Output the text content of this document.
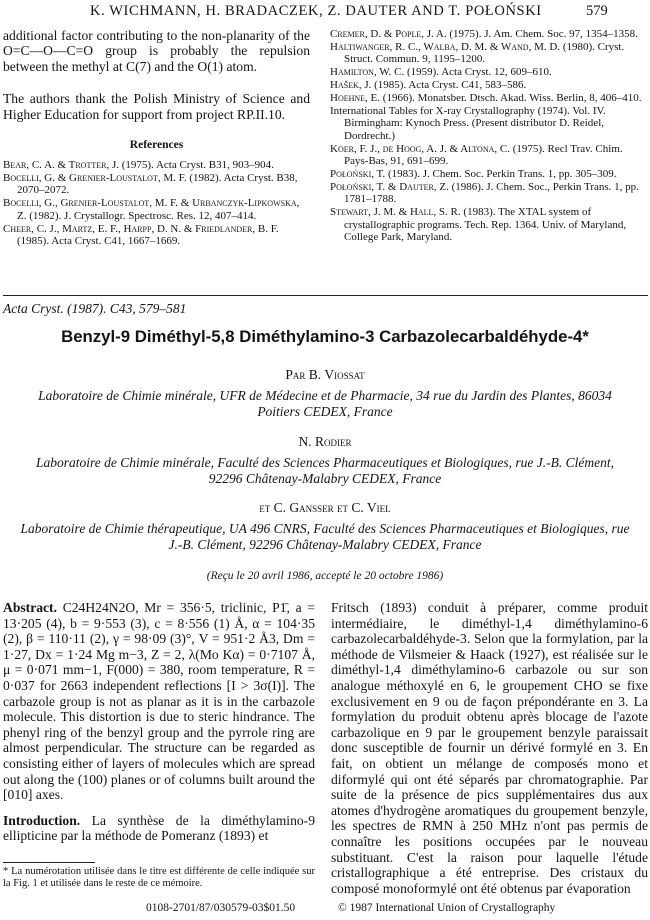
K. WICHMANN, H. BRADACZEK, Z. DAUTER AND T. POŁOŃSKI	579

additional factor contributing to the non-planarity of the O=C—O—C=O group is probably the repulsion between the methyl at C(7) and the O(1) atom.

The authors thank the Polish Ministry of Science and Higher Education for support from project RP.II.10.

References

Bear, C. A. & Trotter, J. (1975). Acta Cryst. B31, 903–904.

Bocelli, G. & Grenier-Loustalot, M. F. (1982). Acta Cryst. B38, 2070–2072.

Bocelli, G., Grenier-Loustalot, M. F. & Urbanczyk-Lipkowska, Z. (1982). J. Crystallogr. Spectrosc. Res. 12, 407–414.

Cheer, C. J., Martz, E. F., Harpp, D. N. & Friedlander, B. F. (1985). Acta Cryst. C41, 1667–1669.

Cremer, D. & Pople, J. A. (1975). J. Am. Chem. Soc. 97, 1354–1358.

Haltiwanger, R. C., Walba, D. M. & Wand, M. D. (1980). Cryst. Struct. Commun. 9, 1195–1200.

Hamilton, W. C. (1959). Acta Cryst. 12, 609–610.

Hašek, J. (1985). Acta Cryst. C41, 583–586.

Hoehne, E. (1966). Monatsber. Dtsch. Akad. Wiss. Berlin, 8, 406–410.

International Tables for X-ray Crystallography (1974). Vol. IV. Birmingham: Kynoch Press. (Present distributor D. Reidel, Dordrecht.)

Koer, F. J., de Hoog, A. J. & Altona, C. (1975). Recl Trav. Chim. Pays-Bas, 91, 691–699.

Połoński, T. (1983). J. Chem. Soc. Perkin Trans. 1, pp. 305–309.

Połoński, T. & Dauter, Z. (1986). J. Chem. Soc., Perkin Trans. 1, pp. 1781–1788.

Stewart, J. M. & Hall, S. R. (1983). The XTAL system of crystallographic programs. Tech. Rep. 1364. Univ. of Maryland, College Park, Maryland.

Acta Cryst. (1987). C43, 579–581
Benzyl-9 Diméthyl-5,8 Diméthylamino-3 Carbazolecarbaldéhyde-4*
Par B. Viossat
Laboratoire de Chimie minérale, UFR de Médecine et de Pharmacie, 34 rue du Jardin des Plantes, 86034 Poitiers CEDEX, France
N. Rodier
Laboratoire de Chimie minérale, Faculté des Sciences Pharmaceutiques et Biologiques, rue J.-B. Clément, 92296 Châtenay-Malabry CEDEX, France
et C. Gansser et C. Viel
Laboratoire de Chimie thérapeutique, UA 496 CNRS, Faculté des Sciences Pharmaceutiques et Biologiques, rue J.-B. Clément, 92296 Châtenay-Malabry CEDEX, France
(Reçu le 20 avril 1986, accepté le 20 octobre 1986)

Abstract. C24H24N2O, Mr = 356·5, triclinic, P1̄, a = 13·205 (4), b = 9·553 (3), c = 8·556 (1) Å, α = 104·35 (2), β = 110·11 (2), γ = 98·09 (3)°, V = 951·2 Å3, Dm = 1·27, Dx = 1·24 Mg m−3, Z = 2, λ(Mo Kα) = 0·7107 Å, μ = 0·071 mm−1, F(000) = 380, room temperature, R = 0·037 for 2663 independent reflections [I > 3σ(I)]. The carbazole group is not as planar as it is in the carbazole molecule. This distortion is due to steric hindrance. The phenyl ring of the benzyl group and the pyrrole ring are almost perpendicular. The structure can be regarded as consisting either of layers of molecules which are spread out along the (100) planes or of columns built around the [010] axes.

Introduction. La synthèse de la diméthylamino-9 ellipticine par la méthode de Pomeranz (1893) et

Fritsch (1893) conduit à préparer, comme produit intermédiaire, le diméthyl-1,4 diméthylamino-6 carbazolecarbaldéhyde-3. Selon que la formylation, par la méthode de Vilsmeier & Haack (1927), est réalisée sur le diméthyl-1,4 diméthylamino-6 carbazole ou sur son analogue méthoxylé en 6, le groupement CHO se fixe exclusivement en 9 ou de façon prépondérante en 3. La formylation du produit obtenu après blocage de l'azote carbazolique en 9 par le groupement benzyle paraissait donc susceptible de fournir un dérivé formylé en 3. En fait, on obtient un mélange de composés mono et diformylé qui ont été séparés par chromatographie. Par suite de la présence de pics supplémentaires dus aux atomes d'hydrogène aromatiques du groupement benzyle, les spectres de RMN à 250 MHz n'ont pas permis de connaître les positions occupées par le nouveau substituant. C'est la raison pour laquelle l'étude cristallographique a été entreprise. Des cristaux du composé monoformylé ont été obtenus par évaporation

* La numérotation utilisée dans le titre est différente de celle indiquée sur la Fig. 1 et utilisée dans le reste de ce mémoire.
0108-2701/87/030579-03$01.50	© 1987 International Union of Crystallography
